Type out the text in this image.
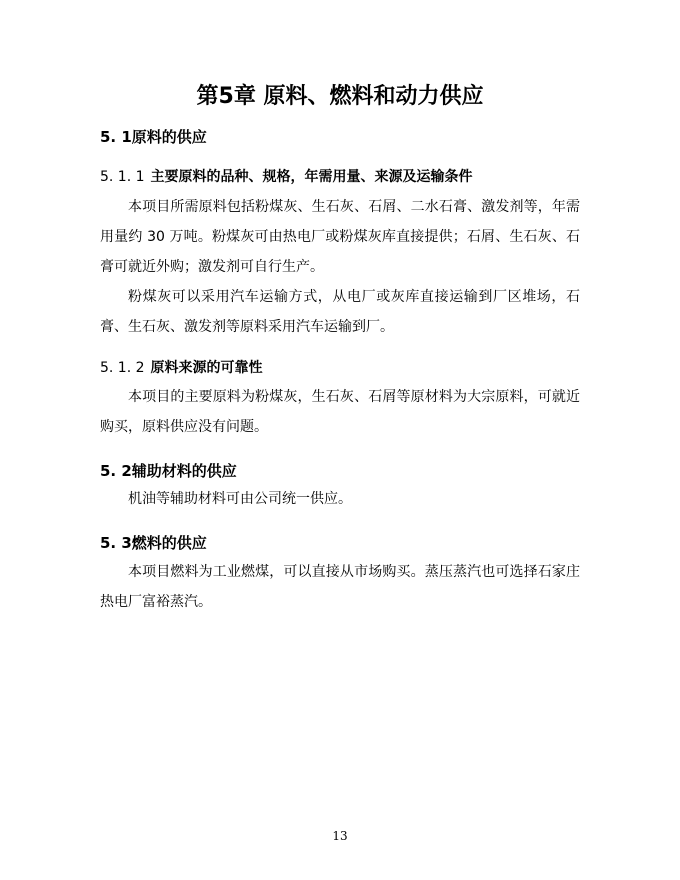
第5章 原料、燃料和动力供应
5. 1原料的供应
5. 1. 1 主要原料的品种、规格，年需用量、来源及运输条件
本项目所需原料包括粉煤灰、生石灰、石屑、二水石膏、激发剂等，年需用量约 30 万吨。粉煤灰可由热电厂或粉煤灰库直接提供；石屑、生石灰、石膏可就近外购；激发剂可自行生产。
粉煤灰可以采用汽车运输方式，从电厂或灰库直接运输到厂区堆场，石膏、生石灰、激发剂等原料采用汽车运输到厂。
5. 1. 2 原料来源的可靠性
本项目的主要原料为粉煤灰，生石灰、石屑等原材料为大宗原料，可就近购买，原料供应没有问题。
5. 2辅助材料的供应
机油等辅助材料可由公司统一供应。
5. 3燃料的供应
本项目燃料为工业燃煤，可以直接从市场购买。蒸压蒸汽也可选择石家庄热电厂富裕蒸汽。
13
